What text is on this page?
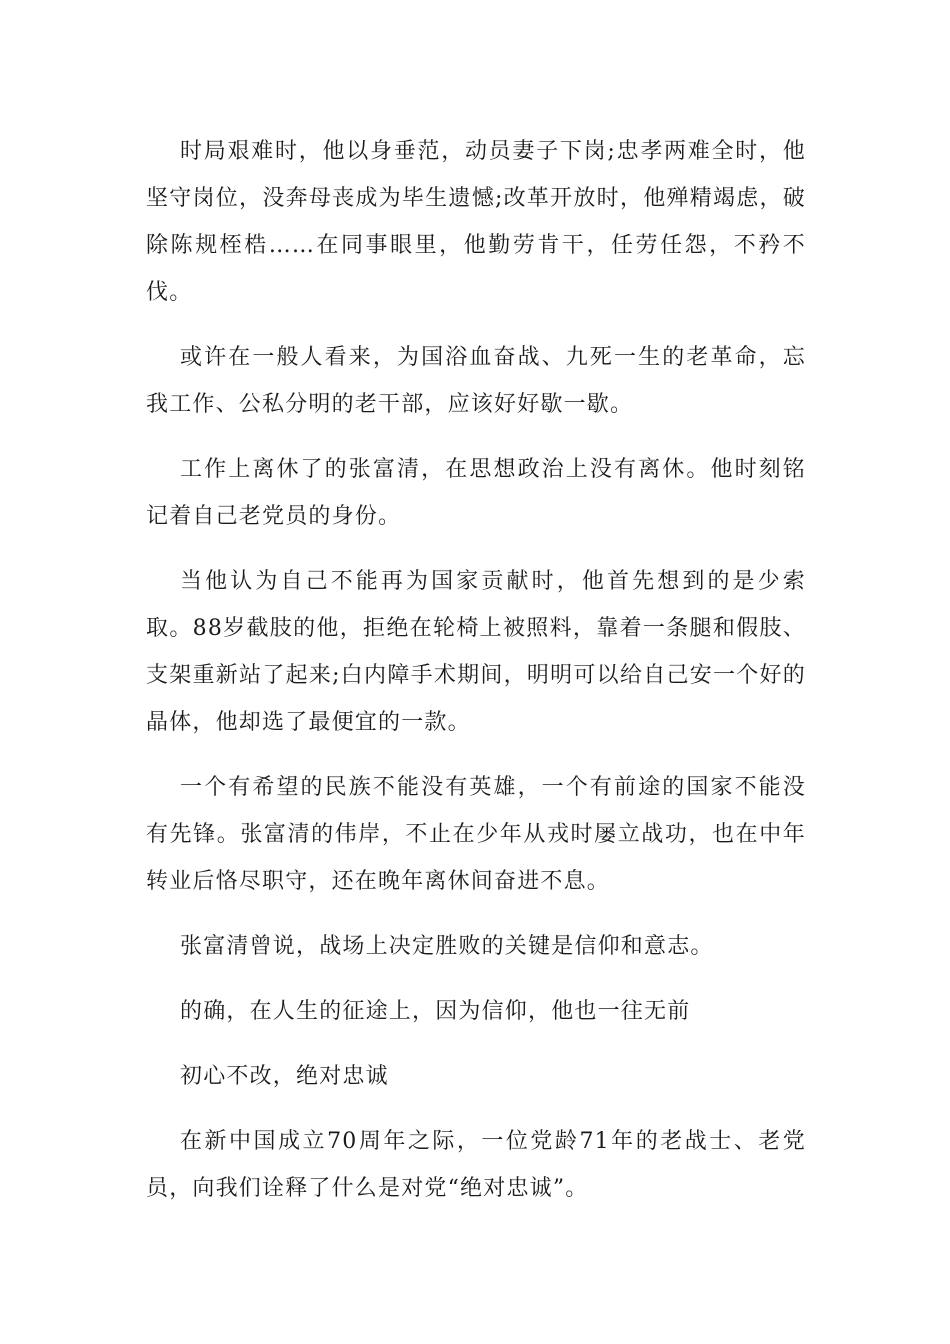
时局艰难时，他以身垂范，动员妻子下岗;忠孝两难全时，他坚守岗位，没奔母丧成为毕生遗憾;改革开放时，他殚精竭虑，破除陈规桎梏……在同事眼里，他勤劳肯干，任劳任怨，不矜不伐。

或许在一般人看来，为国浴血奋战、九死一生的老革命，忘我工作、公私分明的老干部，应该好好歇一歇。

工作上离休了的张富清，在思想政治上没有离休。他时刻铭记着自己老党员的身份。

当他认为自己不能再为国家贡献时，他首先想到的是少索取。88岁截肢的他，拒绝在轮椅上被照料，靠着一条腿和假肢、支架重新站了起来;白内障手术期间，明明可以给自己安一个好的晶体，他却选了最便宜的一款。

一个有希望的民族不能没有英雄，一个有前途的国家不能没有先锋。张富清的伟岸，不止在少年从戎时屡立战功，也在中年转业后恪尽职守，还在晚年离休间奋进不息。

张富清曾说，战场上决定胜败的关键是信仰和意志。

的确，在人生的征途上，因为信仰，他也一往无前

初心不改，绝对忠诚

在新中国成立70周年之际，一位党龄71年的老战士、老党员，向我们诠释了什么是对党“绝对忠诚”。
